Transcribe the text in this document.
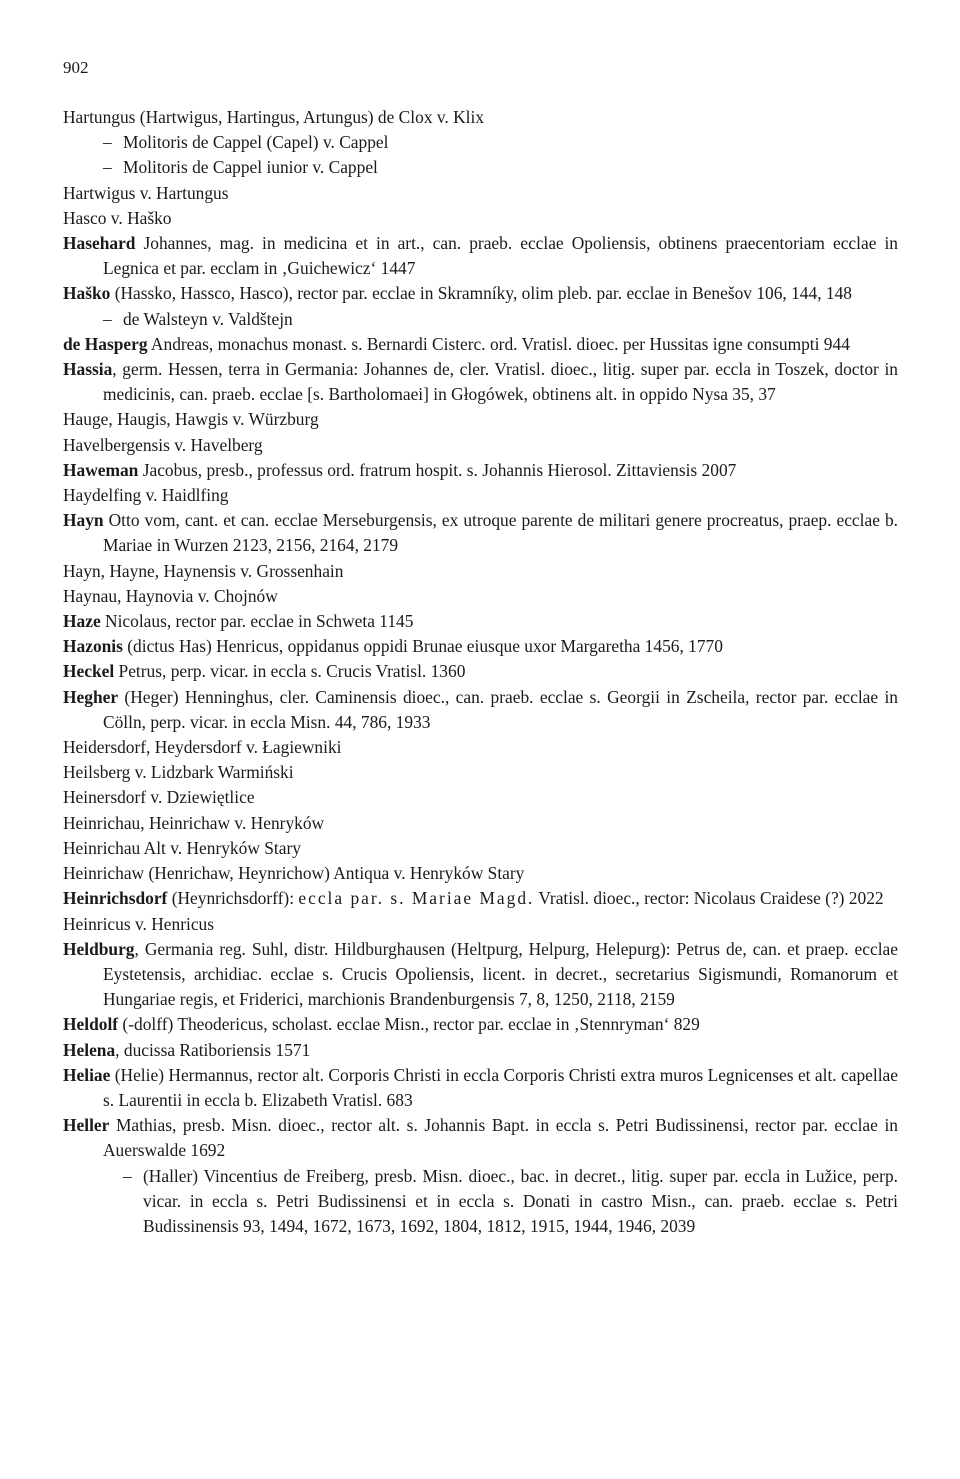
902
Hartungus (Hartwigus, Hartingus, Artungus) de Clox v. Klix
– Molitoris de Cappel (Capel) v. Cappel
– Molitoris de Cappel iunior v. Cappel
Hartwigus v. Hartungus
Hasco v. Haško
Hasehard Johannes, mag. in medicina et in art., can. praeb. ecclae Opoliensis, obtinens praecentoriam ecclae in Legnica et par. ecclam in ‚Guichewicz‘ 1447
Haško (Hassko, Hassco, Hasco), rector par. ecclae in Skramníky, olim pleb. par. ecclae in Benešov 106, 144, 148
– de Walsteyn v. Valdštejn
de Hasperg Andreas, monachus monast. s. Bernardi Cisterc. ord. Vratisl. dioec. per Hussitas igne consumpti 944
Hassia, germ. Hessen, terra in Germania: Johannes de, cler. Vratisl. dioec., litig. super par. eccla in Toszek, doctor in medicinis, can. praeb. ecclae [s. Bartholomaei] in Głogówek, obtinens alt. in oppido Nysa 35, 37
Hauge, Haugis, Hawgis v. Würzburg
Havelbergensis v. Havelberg
Haweman Jacobus, presb., professus ord. fratrum hospit. s. Johannis Hierosol. Zittaviensis 2007
Haydelfing v. Haidlfing
Hayn Otto vom, cant. et can. ecclae Merseburgensis, ex utroque parente de militari genere procreatus, praep. ecclae b. Mariae in Wurzen 2123, 2156, 2164, 2179
Hayn, Hayne, Haynensis v. Grossenhain
Haynau, Haynovia v. Chojnów
Haze Nicolaus, rector par. ecclae in Schweta 1145
Hazonis (dictus Has) Henricus, oppidanus oppidi Brunae eiusque uxor Margaretha 1456, 1770
Heckel Petrus, perp. vicar. in eccla s. Crucis Vratisl. 1360
Hegher (Heger) Henninghus, cler. Caminensis dioec., can. praeb. ecclae s. Georgii in Zscheila, rector par. ecclae in Cölln, perp. vicar. in eccla Misn. 44, 786, 1933
Heidersdorf, Heydersdorf v. Łagiewniki
Heilsberg v. Lidzbark Warmiński
Heinersdorf v. Dziewiętlice
Heinrichau, Heinrichaw v. Henryków
Heinrichau Alt v. Henryków Stary
Heinrichaw (Henrichaw, Heynrichow) Antiqua v. Henryków Stary
Heinrichsdorf (Heynrichsdorff): eccla par. s. Mariae Magd. Vratisl. dioec., rector: Nicolaus Craidese (?) 2022
Heinricus v. Henricus
Heldburg, Germania reg. Suhl, distr. Hildburghausen (Heltpurg, Helpurg, Helepurg): Petrus de, can. et praep. ecclae Eystetensis, archidiac. ecclae s. Crucis Opoliensis, licent. in decret., secretarius Sigismundi, Romanorum et Hungariae regis, et Friderici, marchionis Brandenburgensis 7, 8, 1250, 2118, 2159
Heldolf (-dolff) Theodericus, scholast. ecclae Misn., rector par. ecclae in ‚Stennryman‘ 829
Helena, ducissa Ratiboriensis 1571
Heliae (Helie) Hermannus, rector alt. Corporis Christi in eccla Corporis Christi extra muros Legnicenses et alt. capellae s. Laurentii in eccla b. Elizabeth Vratisl. 683
Heller Mathias, presb. Misn. dioec., rector alt. s. Johannis Bapt. in eccla s. Petri Budissinensi, rector par. ecclae in Auerswalde 1692
– (Haller) Vincentius de Freiberg, presb. Misn. dioec., bac. in decret., litig. super par. eccla in Lužice, perp. vicar. in eccla s. Petri Budissinensi et in eccla s. Donati in castro Misn., can. praeb. ecclae s. Petri Budissinensis 93, 1494, 1672, 1673, 1692, 1804, 1812, 1915, 1944, 1946, 2039
